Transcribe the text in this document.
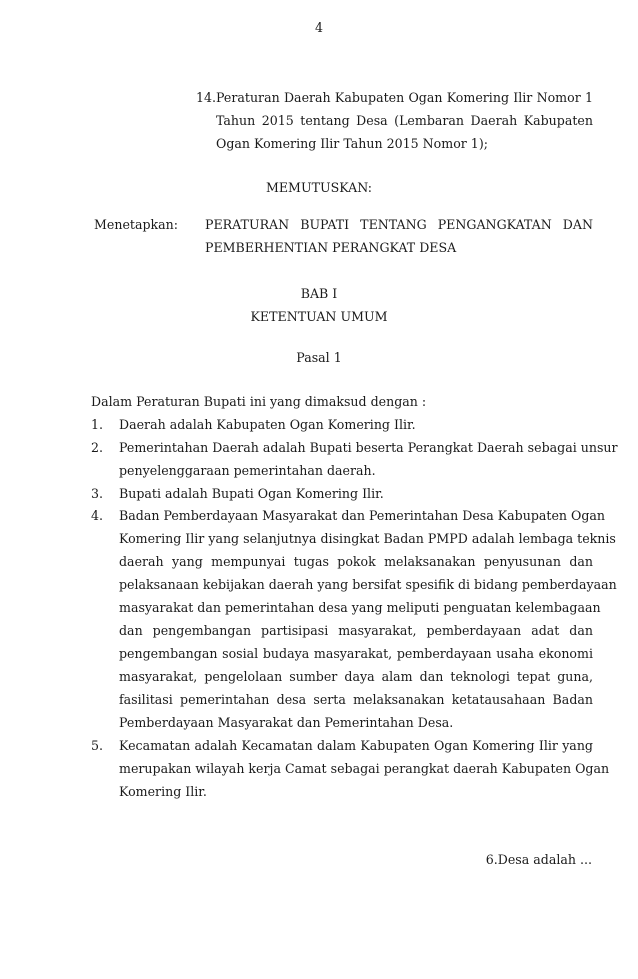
4
14. Peraturan Daerah Kabupaten Ogan Komering Ilir Nomor 1
Tahun 2015 tentang Desa (Lembaran Daerah Kabupaten
Ogan Komering Ilir Tahun 2015 Nomor 1);
MEMUTUSKAN:
Menetapkan: PERATURAN BUPATI TENTANG PENGANGKATAN DAN
PEMBERHENTIAN PERANGKAT DESA
BAB I
KETENTUAN UMUM
Pasal 1
Dalam Peraturan Bupati ini yang dimaksud dengan :
1. Daerah adalah Kabupaten Ogan Komering Ilir.
2. Pemerintahan Daerah adalah Bupati beserta Perangkat Daerah sebagai unsur
penyelenggaraan pemerintahan daerah.
3. Bupati adalah Bupati Ogan Komering Ilir.
4. Badan Pemberdayaan Masyarakat dan Pemerintahan Desa Kabupaten Ogan
Komering Ilir yang selanjutnya disingkat Badan PMPD adalah lembaga teknis
daerah yang mempunyai tugas pokok melaksanakan penyusunan dan
pelaksanaan kebijakan daerah yang bersifat spesifik di bidang pemberdayaan
masyarakat dan pemerintahan desa yang meliputi penguatan kelembagaan
dan pengembangan partisipasi masyarakat, pemberdayaan adat dan
pengembangan sosial budaya masyarakat, pemberdayaan usaha ekonomi
masyarakat, pengelolaan sumber daya alam dan teknologi tepat guna,
fasilitasi pemerintahan desa serta melaksanakan ketatausahaan Badan
Pemberdayaan Masyarakat dan Pemerintahan Desa.
5. Kecamatan adalah Kecamatan dalam Kabupaten Ogan Komering Ilir yang
merupakan wilayah kerja Camat sebagai perangkat daerah Kabupaten Ogan
Komering Ilir.
6.Desa adalah ...
